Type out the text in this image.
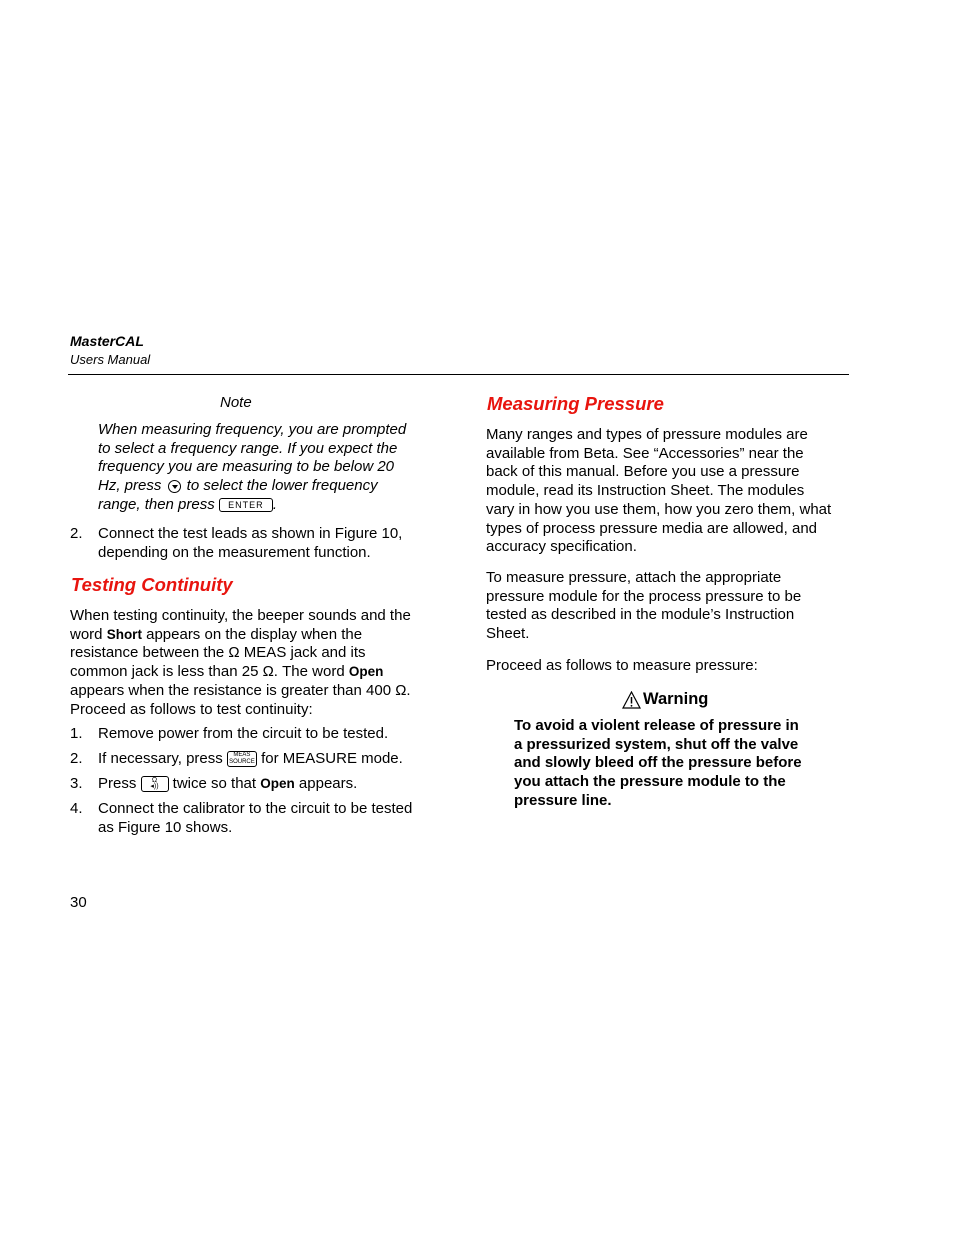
MasterCAL
Users Manual
Note
When measuring frequency, you are prompted to select a frequency range. If you expect the frequency you are measuring to be below 20 Hz, press  to select the lower frequency range, then press ENTER .
2. Connect the test leads as shown in Figure 10,
depending on the measurement function.
Testing Continuity
When testing continuity, the beeper sounds and the
word Short appears on the display when the
resistance between the Ω MEAS jack and its
common jack is less than 25 Ω. The word Open
appears when the resistance is greater than 400 Ω.
Proceed as follows to test continuity:
1. Remove power from the circuit to be tested.
2. If necessary, press MEAS
SOURCE for MEASURE mode.
3. Press Ω
◂)) twice so that Open appears.
4. Connect the calibrator to the circuit to be tested
as Figure 10 shows.
Measuring Pressure
Many ranges and types of pressure modules are
available from Beta. See “Accessories” near the
back of this manual. Before you use a pressure
module, read its Instruction Sheet. The modules
vary in how you use them, how you zero them, what
types of process pressure media are allowed, and
accuracy specification.
To measure pressure, attach the appropriate
pressure module for the process pressure to be
tested as described in the module’s Instruction
Sheet.
Proceed as follows to measure pressure:
Warning
To avoid a violent release of pressure in
a pressurized system, shut off the valve
and slowly bleed off the pressure before
you attach the pressure module to the
pressure line.
30
